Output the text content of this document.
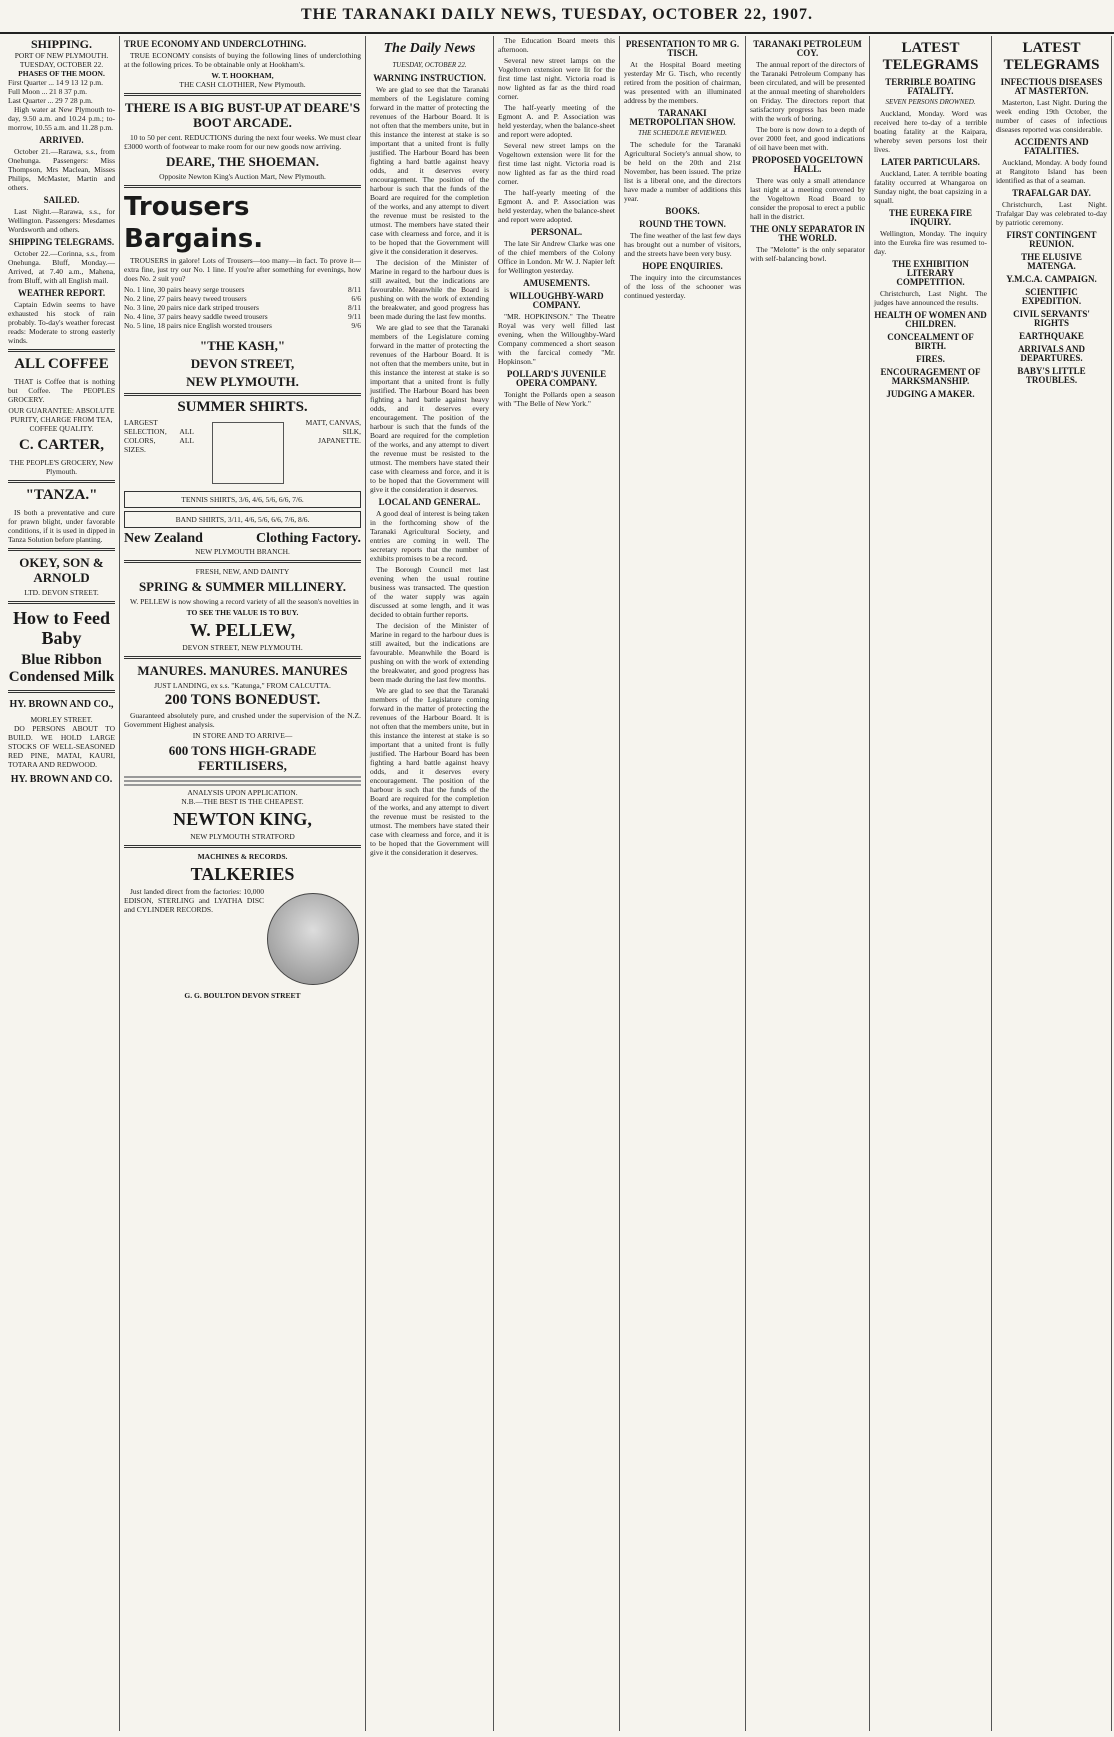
THE TARANAKI DAILY NEWS, TUESDAY, OCTOBER 22, 1907.
SHIPPING.
PORT OF NEW PLYMOUTH.
TUESDAY, OCTOBER 22.
PHASES OF THE MOON.
First Quarter ... 14 9 13 12 p.m.
Full Moon ... 21 8 37 p.m.
Last Quarter ... 29 7 28 p.m.

High water at New Plymouth to-day, 9.50 a.m. and 10.24 p.m.; to-morrow, 10.55 a.m. and 11.28 p.m.

ARRIVED.

October 21.—Rarawa, s.s., from Onehunga. Passengers: Miss Thompson, Mrs Maclean, Misses Philips, McMaster, Martin and others.

SAILED.

Last Night.—Rarawa, s.s., for Wellington. Passengers: Mesdames Wordsworth and others.

SHIPPING TELEGRAMS.

October 22.—Corinna, s.s., from Onehunga. Bluff, Monday.—Arrived, at 7.40 a.m., Mahena, from Bluff, with all English mail.

WEATHER REPORT.

Captain Edwin seems to have exhausted his stock of rain probably. To-day's weather forecast reads: Moderate to strong easterly winds.

ALL COFFEE

THAT is Coffee that is nothing but Coffee. The PEOPLES GROCERY.

OUR GUARANTEE: ABSOLUTE PURITY, CHARGE FROM TEA, COFFEE QUALITY.
C. CARTER,
THE PEOPLE'S GROCERY, New Plymouth.
"TANZA."

IS both a preventative and cure for prawn blight, under favorable conditions, if it is used in dipped in Tanza Solution before planting.

OKEY, SON & ARNOLD
LTD. DEVON STREET.
How to Feed Baby
Blue Ribbon Condensed Milk
HY. BROWN AND CO.,
MORLEY STREET.

DO PERSONS ABOUT TO BUILD. WE HOLD LARGE STOCKS OF WELL-SEASONED RED PINE, MATAI, KAURI, TOTARA AND REDWOOD.

HY. BROWN AND CO.
TRUE ECONOMY AND UNDERCLOTHING.

TRUE ECONOMY consists of buying the following lines of underclothing at the following prices. To be obtainable only at Hookham's.

W. T. HOOKHAM,
THE CASH CLOTHIER, New Plymouth.
THERE IS A BIG BUST-UP AT DEARE'S BOOT ARCADE.

10 to 50 per cent. REDUCTIONS during the next four weeks. We must clear £3000 worth of footwear to make room for our new goods now arriving.

DEARE, THE SHOEMAN.
Opposite Newton King's Auction Mart, New Plymouth.
Trousers
Bargains.

TROUSERS in galore! Lots of Trousers—too many—in fact. To prove it—extra fine, just try our No. 1 line. If you're after something for evenings, how does No. 2 suit you?

No. 1 line, 30 pairs heavy serge trousers	8/11
No. 2 line, 27 pairs heavy tweed trousers	6/6
No. 3 line, 20 pairs nice dark striped trousers	8/11
No. 4 line, 37 pairs heavy saddle tweed trousers	9/11
No. 5 line, 18 pairs nice English worsted trousers	9/6
"THE KASH,"
DEVON STREET,
NEW PLYMOUTH.
SUMMER SHIRTS.
LARGEST SELECTION, ALL COLORS, ALL SIZES.
MATT, CANVAS, SILK, JAPANETTE.
TENNIS SHIRTS, 3/6, 4/6, 5/6, 6/6, 7/6.
BAND SHIRTS, 3/11, 4/6, 5/6, 6/6, 7/6, 8/6.
New Zealand	Clothing Factory.
NEW PLYMOUTH BRANCH.
FRESH, NEW, AND DAINTY
SPRING & SUMMER MILLINERY.

W. PELLEW is now showing a record variety of all the season's novelties in

TO SEE THE VALUE IS TO BUY.
W. PELLEW,
DEVON STREET, NEW PLYMOUTH.
MANURES. MANURES. MANURES
JUST LANDING, ex s.s. "Katunga," FROM CALCUTTA.
200 TONS BONEDUST.

Guaranteed absolutely pure, and crushed under the supervision of the N.Z. Government Highest analysis.

IN STORE AND TO ARRIVE—
600 TONS HIGH-GRADE FERTILISERS,
ANALYSIS UPON APPLICATION.
N.B.—THE BEST IS THE CHEAPEST.
NEWTON KING,
NEW PLYMOUTH STRATFORD
MACHINES & RECORDS.
TALKERIES

Just landed direct from the factories: 10,000 EDISON, STERLING and LYATHA DISC and CYLINDER RECORDS.

G. G. BOULTON DEVON STREET
The Daily News
TUESDAY, OCTOBER 22.
WARNING INSTRUCTION.

We are glad to see that the Taranaki members of the Legislature coming forward in the matter of protecting the revenues of the Harbour Board. It is not often that the members unite, but in this instance the interest at stake is so important that a united front is fully justified. The Harbour Board has been fighting a hard battle against heavy odds, and it deserves every encouragement. The position of the harbour is such that the funds of the Board are required for the completion of the works, and any attempt to divert the revenue must be resisted to the utmost. The members have stated their case with clearness and force, and it is to be hoped that the Government will give it the consideration it deserves.

The decision of the Minister of Marine in regard to the harbour dues is still awaited, but the indications are favourable. Meanwhile the Board is pushing on with the work of extending the breakwater, and good progress has been made during the last few months.

We are glad to see that the Taranaki members of the Legislature coming forward in the matter of protecting the revenues of the Harbour Board. It is not often that the members unite, but in this instance the interest at stake is so important that a united front is fully justified. The Harbour Board has been fighting a hard battle against heavy odds, and it deserves every encouragement. The position of the harbour is such that the funds of the Board are required for the completion of the works, and any attempt to divert the revenue must be resisted to the utmost. The members have stated their case with clearness and force, and it is to be hoped that the Government will give it the consideration it deserves.

LOCAL AND GENERAL.

A good deal of interest is being taken in the forthcoming show of the Taranaki Agricultural Society, and entries are coming in well. The secretary reports that the number of exhibits promises to be a record.

The Borough Council met last evening when the usual routine business was transacted. The question of the water supply was again discussed at some length, and it was decided to obtain further reports.

The decision of the Minister of Marine in regard to the harbour dues is still awaited, but the indications are favourable. Meanwhile the Board is pushing on with the work of extending the breakwater, and good progress has been made during the last few months.

We are glad to see that the Taranaki members of the Legislature coming forward in the matter of protecting the revenues of the Harbour Board. It is not often that the members unite, but in this instance the interest at stake is so important that a united front is fully justified. The Harbour Board has been fighting a hard battle against heavy odds, and it deserves every encouragement. The position of the harbour is such that the funds of the Board are required for the completion of the works, and any attempt to divert the revenue must be resisted to the utmost. The members have stated their case with clearness and force, and it is to be hoped that the Government will give it the consideration it deserves.

The Education Board meets this afternoon.

Several new street lamps on the Vogeltown extension were lit for the first time last night. Victoria road is now lighted as far as the third road corner.

The half-yearly meeting of the Egmont A. and P. Association was held yesterday, when the balance-sheet and report were adopted.

Several new street lamps on the Vogeltown extension were lit for the first time last night. Victoria road is now lighted as far as the third road corner.

The half-yearly meeting of the Egmont A. and P. Association was held yesterday, when the balance-sheet and report were adopted.

PERSONAL.

The late Sir Andrew Clarke was one of the chief members of the Colony Office in London. Mr W. J. Napier left for Wellington yesterday.

AMUSEMENTS.
WILLOUGHBY-WARD COMPANY.

"MR. HOPKINSON." The Theatre Royal was very well filled last evening, when the Willoughby-Ward Company commenced a short season with the farcical comedy "Mr. Hopkinson."

POLLARD'S JUVENILE OPERA COMPANY.

Tonight the Pollards open a season with "The Belle of New York."

PRESENTATION TO MR G. TISCH.

At the Hospital Board meeting yesterday Mr G. Tisch, who recently retired from the position of chairman, was presented with an illuminated address by the members.

TARANAKI METROPOLITAN SHOW.
THE SCHEDULE REVIEWED.

The schedule for the Taranaki Agricultural Society's annual show, to be held on the 20th and 21st November, has been issued. The prize list is a liberal one, and the directors have made a number of additions this year.

BOOKS.
ROUND THE TOWN.

The fine weather of the last few days has brought out a number of visitors, and the streets have been very busy.

HOPE ENQUIRIES.

The inquiry into the circumstances of the loss of the schooner was continued yesterday.

TARANAKI PETROLEUM COY.

The annual report of the directors of the Taranaki Petroleum Company has been circulated, and will be presented at the annual meeting of shareholders on Friday. The directors report that satisfactory progress has been made with the work of boring.

The bore is now down to a depth of over 2000 feet, and good indications of oil have been met with.

PROPOSED VOGELTOWN HALL.

There was only a small attendance last night at a meeting convened by the Vogeltown Road Board to consider the proposal to erect a public hall in the district.

THE ONLY SEPARATOR IN THE WORLD.

The "Melotte" is the only separator with self-balancing bowl.

LATEST TELEGRAMS
TERRIBLE BOATING FATALITY.
SEVEN PERSONS DROWNED.

Auckland, Monday. Word was received here to-day of a terrible boating fatality at the Kaipara, whereby seven persons lost their lives.

LATER PARTICULARS.

Auckland, Later. A terrible boating fatality occurred at Whangaroa on Sunday night, the boat capsizing in a squall.

THE EUREKA FIRE INQUIRY.

Wellington, Monday. The inquiry into the Eureka fire was resumed to-day.

THE EXHIBITION LITERARY COMPETITION.

Christchurch, Last Night. The judges have announced the results.

HEALTH OF WOMEN AND CHILDREN.
CONCEALMENT OF BIRTH.
FIRES.
ENCOURAGEMENT OF MARKSMANSHIP.
JUDGING A MAKER.
LATEST TELEGRAMS
INFECTIOUS DISEASES AT MASTERTON.

Masterton, Last Night. During the week ending 19th October, the number of cases of infectious diseases reported was considerable.

ACCIDENTS AND FATALITIES.

Auckland, Monday. A body found at Rangitoto Island has been identified as that of a seaman.

TRAFALGAR DAY.

Christchurch, Last Night. Trafalgar Day was celebrated to-day by patriotic ceremony.

FIRST CONTINGENT REUNION.
THE ELUSIVE MATENGA.
Y.M.C.A. CAMPAIGN.
SCIENTIFIC EXPEDITION.
CIVIL SERVANTS' RIGHTS
EARTHQUAKE
ARRIVALS AND DEPARTURES.
BABY'S LITTLE TROUBLES.
